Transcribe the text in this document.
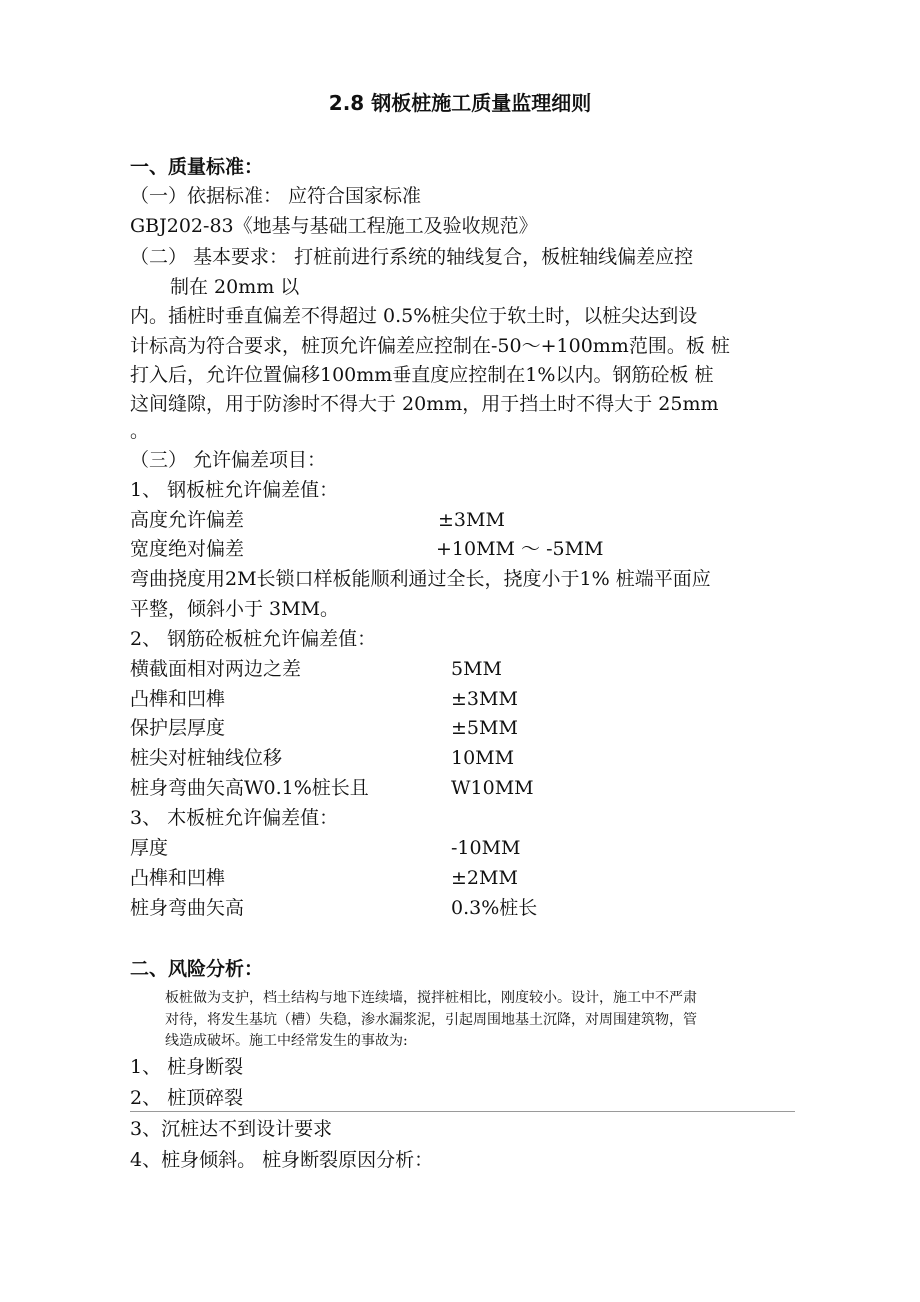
2.8 钢板桩施工质量监理细则
一、质量标准：
（一）依据标准： 应符合国家标准
GBJ202-83《地基与基础工程施工及验收规范》
（二） 基本要求： 打桩前进行系统的轴线复合，板桩轴线偏差应控
制在 20mm 以
内。插桩时垂直偏差不得超过 0.5%桩尖位于软土时，以桩尖达到设
计标高为符合要求，桩顶允许偏差应控制在-50～+100mm范围。板 桩
打入后，允许位置偏移100mm垂直度应控制在1%以内。钢筋砼板 桩
这间缝隙，用于防渗时不得大于 20mm，用于挡土时不得大于 25mm
。
（三） 允许偏差项目：
1、 钢板桩允许偏差值：
高度允许偏差	±3MM
宽度绝对偏差	+10MM ～ -5MM
弯曲挠度用2M长锁口样板能顺利通过全长，挠度小于1% 桩端平面应
平整，倾斜小于 3MM。
2、 钢筋砼板桩允许偏差值：
横截面相对两边之差	5MM
凸榫和凹榫	±3MM
保护层厚度	±5MM
桩尖对桩轴线位移	10MM
桩身弯曲矢高W0.1%桩长且	W10MM
3、 木板桩允许偏差值：
厚度	-10MM
凸榫和凹榫	±2MM
桩身弯曲矢高	0.3%桩长
二、风险分析：
板桩做为支护，档土结构与地下连续墙，搅拌桩相比，刚度较小。设计，施工中不严肃
对待，将发生基坑（槽）失稳，渗水漏浆泥，引起周围地基土沉降，对周围建筑物，管
线造成破坏。施工中经常发生的事故为:
1、 桩身断裂
2、 桩顶碎裂
3、沉桩达不到设计要求
4、桩身倾斜。 桩身断裂原因分析：
